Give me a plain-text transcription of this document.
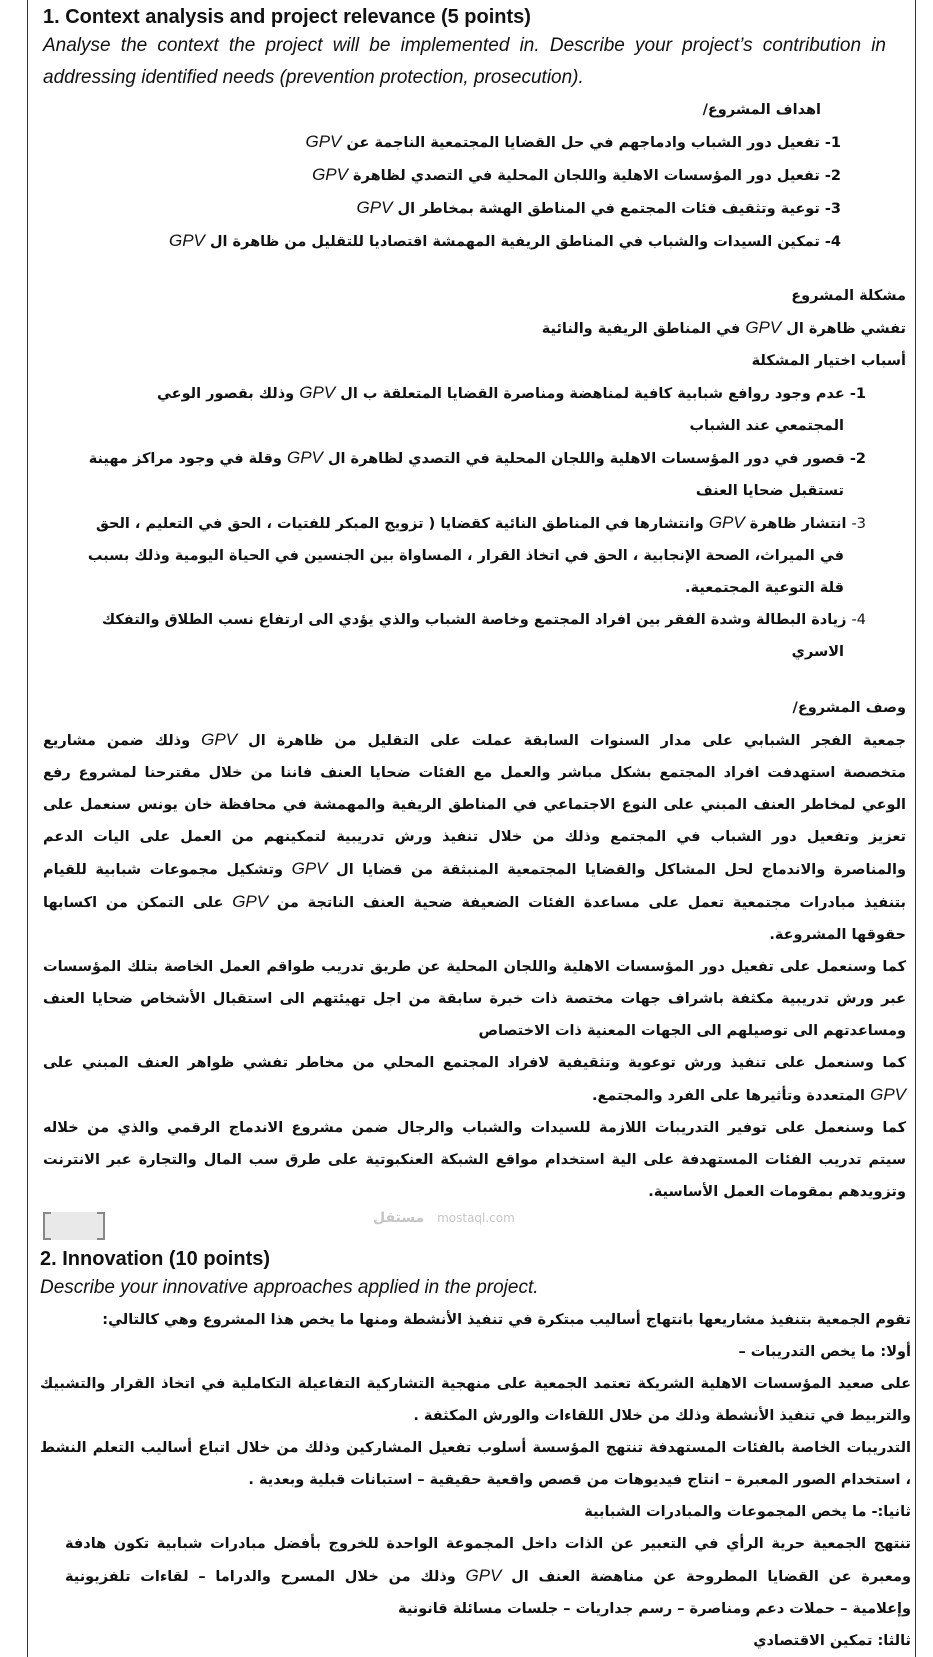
1. Context analysis and project relevance (5 points)
Analyse the context the project will be implemented in. Describe your project’s contribution in addressing identified needs (prevention protection, prosecution).
اهداف المشروع/
1- تفعيل دور الشباب وادماجهم في حل القضايا المجتمعية الناجمة عن GPV
2- تفعيل دور المؤسسات الاهلية واللجان المحلية في التصدي لظاهرة GPV
3- توعية وتثقيف فئات المجتمع في المناطق الهشة بمخاطر ال GPV
4- تمكين السيدات والشباب في المناطق الريفية المهمشة اقتصاديا للتقليل من ظاهرة ال GPV
مشكلة المشروع
تفشي ظاهرة ال GPV في المناطق الريفية والنائية
أسباب اختيار المشكلة
1- عدم وجود روافع شبابية كافية لمناهضة ومناصرة القضايا المتعلقة ب ال GPV وذلك بقصور الوعي
المجتمعي عند الشباب
2- قصور في دور المؤسسات الاهلية واللجان المحلية في التصدي لظاهرة ال GPV وقلة في وجود مراكز مهينة
تستقبل ضحايا العنف
3- انتشار ظاهرة GPV وانتشارها في المناطق النائية كقضايا ( تزويج المبكر للفتيات ، الحق في التعليم ، الحق
في الميراث، الصحة الإنجابية ، الحق في اتخاذ القرار ، المساواة بين الجنسين في الحياة اليومية وذلك بسبب
قلة التوعية المجتمعية.
4- زيادة البطالة وشدة الفقر بين افراد المجتمع وخاصة الشباب والذي يؤدي الى ارتفاع نسب الطلاق والتفكك
الاسري
وصف المشروع/
جمعية الفجر الشبابي على مدار السنوات السابقة عملت على التقليل من ظاهرة ال GPV وذلك ضمن مشاريع
متخصصة استهدفت افراد المجتمع بشكل مباشر والعمل مع الفئات ضحايا العنف فاننا من خلال مقترحنا لمشروع رفع
الوعي لمخاطر العنف المبني على النوع الاجتماعي في المناطق الريفية والمهمشة في محافظة خان يونس سنعمل على
تعزيز وتفعيل دور الشباب في المجتمع وذلك من خلال تنفيذ ورش تدريبية لتمكينهم من العمل على اليات الدعم
والمناصرة والاندماج لحل المشاكل والقضايا المجتمعية المنبثقة من قضايا ال GPV وتشكيل مجموعات شبابية للقيام
بتنفيذ مبادرات مجتمعية تعمل على مساعدة الفئات الضعيفة ضحية العنف الناتجة من GPV على التمكن من اكسابها
حقوقها المشروعة.
كما وسنعمل على تفعيل دور المؤسسات الاهلية واللجان المحلية عن طريق تدريب طواقم العمل الخاصة بتلك المؤسسات
عبر ورش تدريبية مكثفة باشراف جهات مختصة ذات خبرة سابقة من اجل تهيئتهم الى استقبال الأشخاص ضحايا العنف
ومساعدتهم الى توصيلهم الى الجهات المعنية ذات الاختصاص
كما وسنعمل على تنفيذ ورش توعوية وتثقيفية لافراد المجتمع المحلي من مخاطر تفشي ظواهر العنف المبني على
GPV المتعددة وتأثيرها على الفرد والمجتمع.
كما وسنعمل على توفير التدريبات اللازمة للسيدات والشباب والرجال ضمن مشروع الاندماج الرقمي والذي من خلاله
سيتم تدريب الفئات المستهدفة على الية استخدام مواقع الشبكة العنكبوتية على طرق سب المال والتجارة عبر الانترنت
وتزويدهم بمقومات العمل الأساسية.
مستقل mostaql.com
2. Innovation (10 points)
Describe your innovative approaches applied in the project.
تقوم الجمعية بتنفيذ مشاريعها بانتهاج أساليب مبتكرة في تنفيذ الأنشطة ومنها ما يخص هذا المشروع وهي كالتالي:
أولا: ما يخص التدريبات –
على صعيد المؤسسات الاهلية الشريكة تعتمد الجمعية على منهجية التشاركية التفاعيلة التكاملية في اتخاذ القرار والتشبيك
والتربيط في تنفيذ الأنشطة وذلك من خلال اللقاءات والورش المكثفة .
التدريبات الخاصة بالفئات المستهدفة تنتهج المؤسسة أسلوب تفعيل المشاركين وذلك من خلال اتباع أساليب التعلم النشط
، استخدام الصور المعبرة – انتاج فيديوهات من قصص واقعية حقيقية – استبانات قبلية وبعدية .
ثانيا:- ما يخص المجموعات والمبادرات الشبابية
تنتهج الجمعية حرية الرأي في التعبير عن الذات داخل المجموعة الواحدة للخروج بأفضل مبادرات شبابية تكون هادفة
ومعبرة عن القضايا المطروحة عن مناهضة العنف ال GPV وذلك من خلال المسرح والدراما – لقاءات تلفزيونية
وإعلامية – حملات دعم ومناصرة – رسم جداريات – جلسات مسائلة قانونية
ثالثا: تمكين الاقتصادي
